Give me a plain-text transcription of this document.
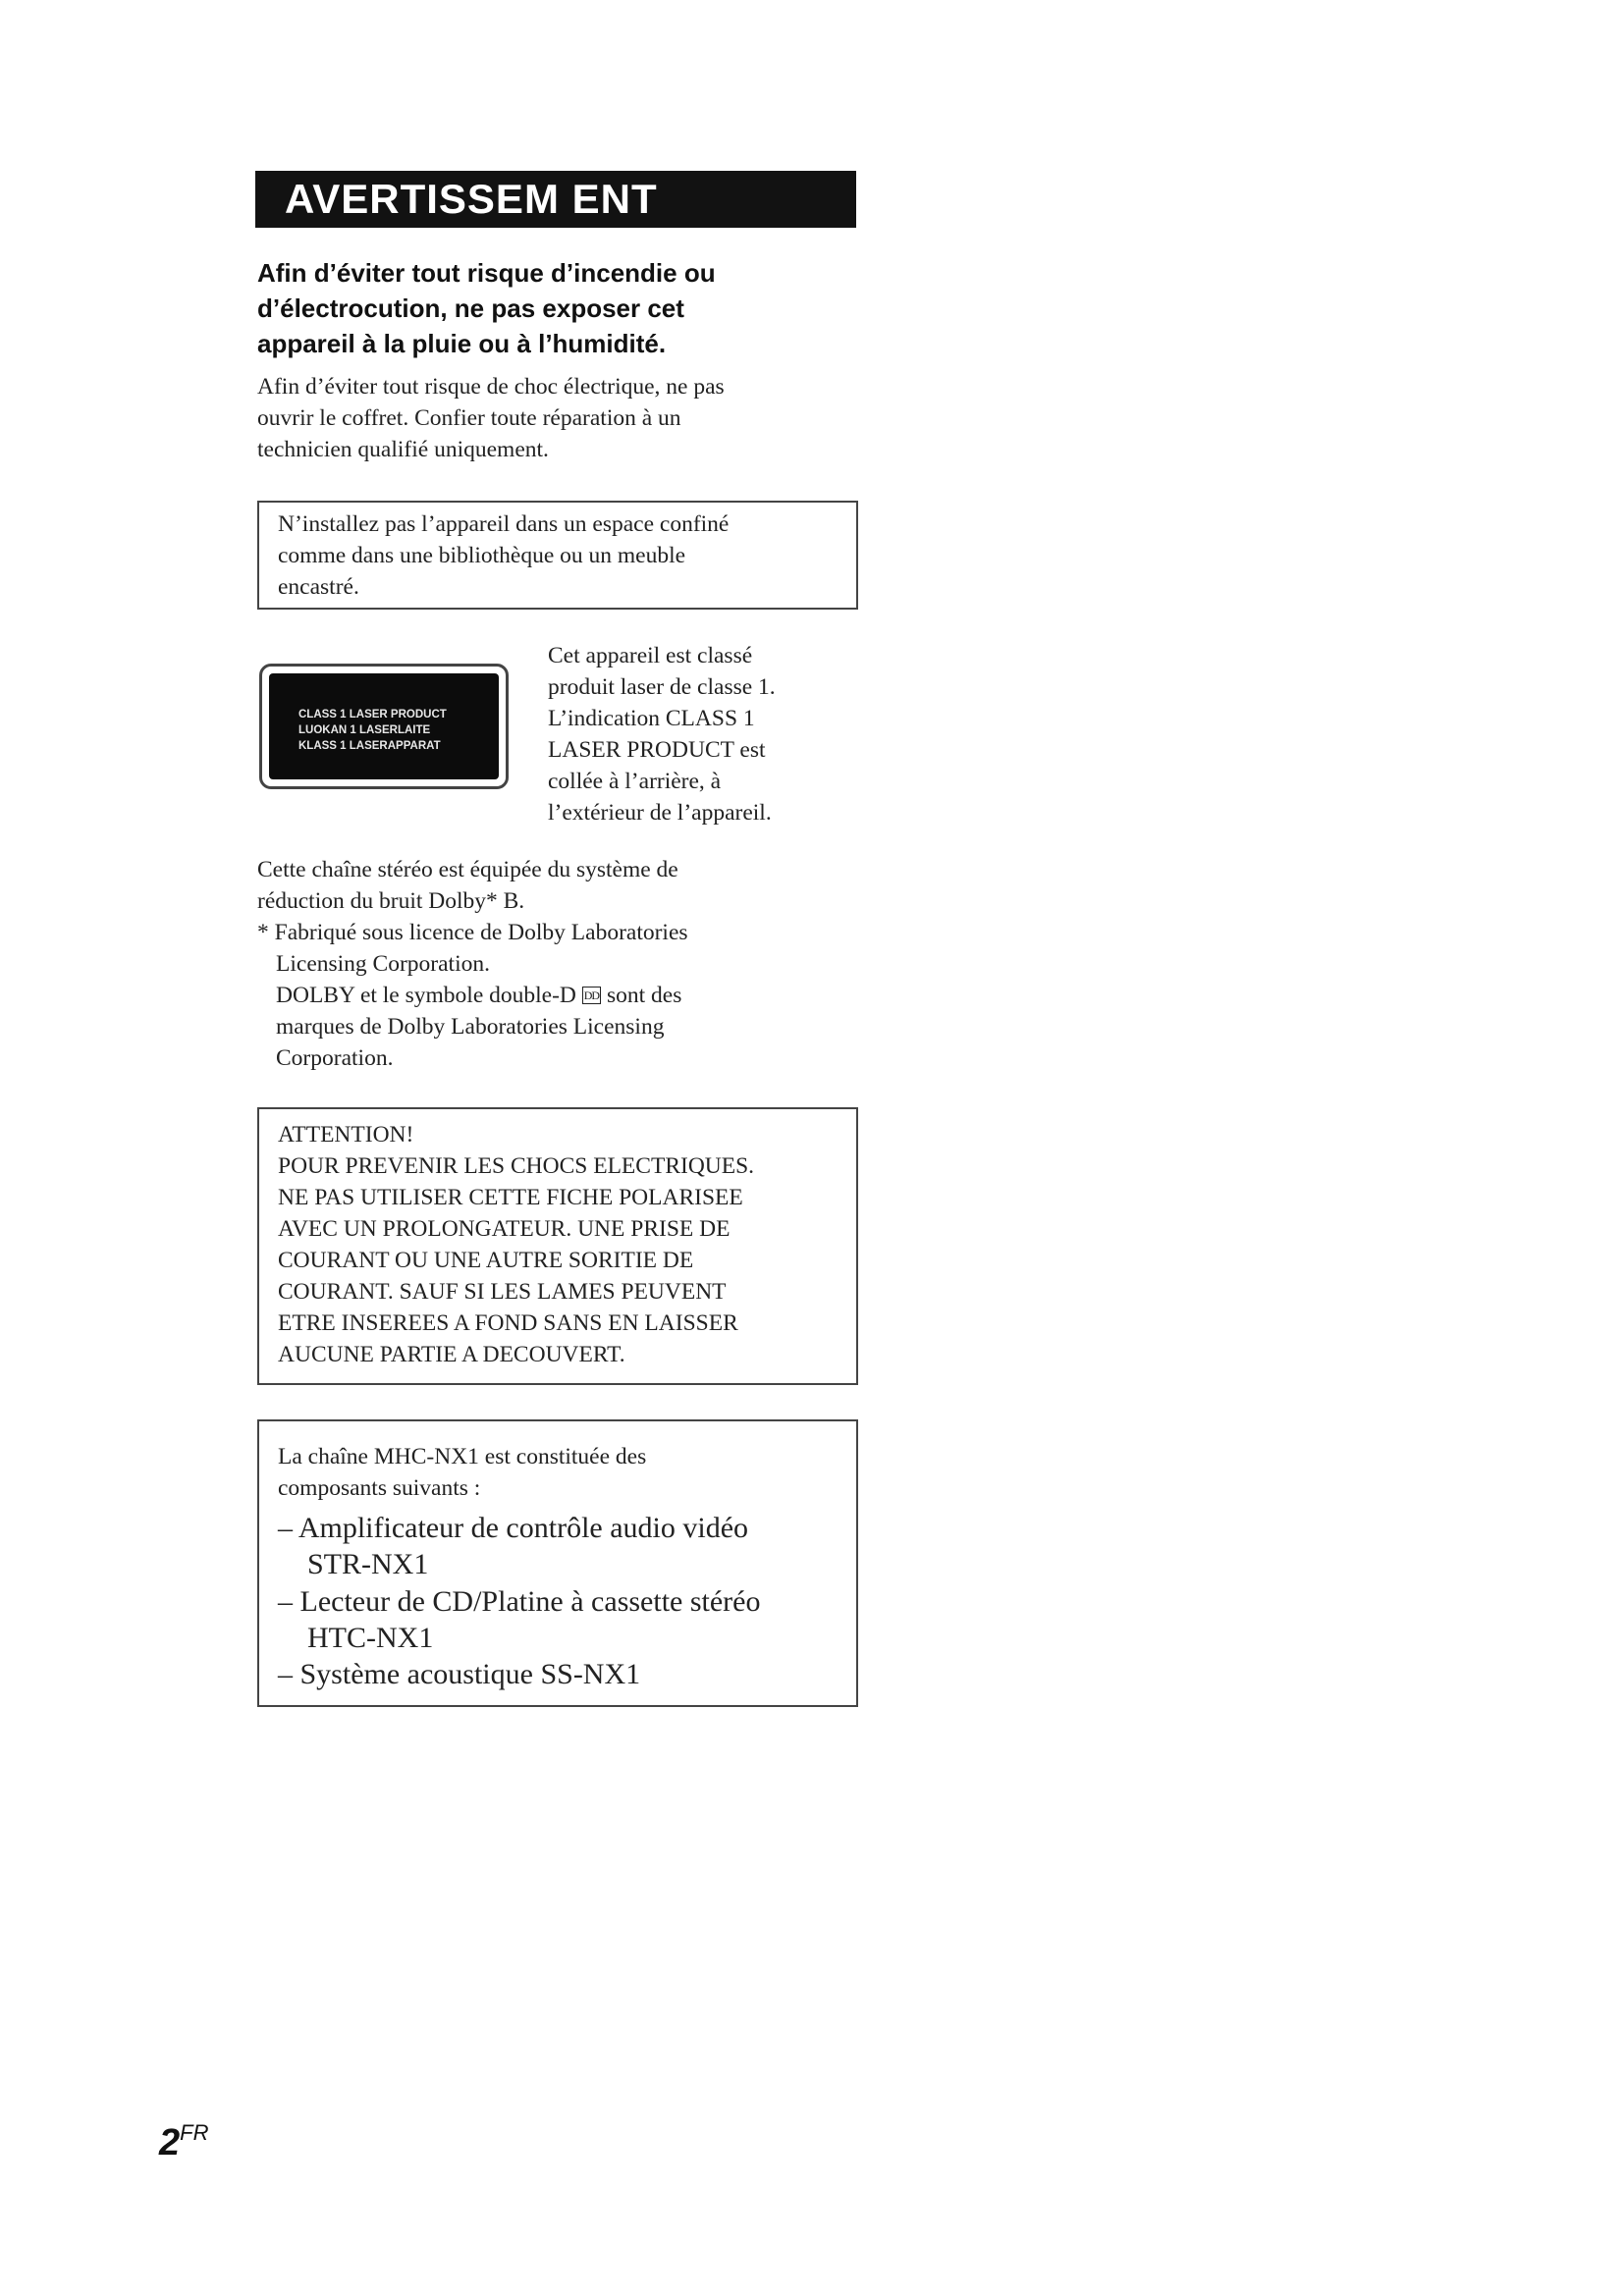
AVERTISSEM ENT
Afin d’éviter tout risque d’incendie ou
d’électrocution, ne pas exposer cet
appareil à la pluie ou à l’humidité.
Afin d’éviter tout risque de choc électrique, ne pas
ouvrir le coffret. Confier toute réparation à un
technicien qualifié uniquement.
N’installez pas l’appareil dans un espace confiné
comme dans une bibliothèque ou un meuble
encastré.
CLASS 1 LASER PRODUCT
LUOKAN 1 LASERLAITE
KLASS 1 LASERAPPARAT
Cet appareil est classé
produit laser de classe 1.
L’indication CLASS 1
LASER PRODUCT est
collée à l’arrière, à
l’extérieur de l’appareil.
Cette chaîne stéréo est équipée du système de
réduction du bruit Dolby* B.
* Fabriqué sous licence de Dolby Laboratories
Licensing Corporation.
DOLBY et le symbole double-D DD sont des
marques de Dolby Laboratories Licensing
Corporation.
ATTENTION!
POUR PREVENIR LES CHOCS ELECTRIQUES.
NE PAS UTILISER CETTE FICHE POLARISEE
AVEC UN PROLONGATEUR. UNE PRISE DE
COURANT OU UNE AUTRE SORITIE DE
COURANT. SAUF SI LES LAMES PEUVENT
ETRE INSEREES A FOND SANS EN LAISSER
AUCUNE PARTIE A DECOUVERT.
La chaîne MHC-NX1 est constituée des
composants suivants :
– Amplificateur de contrôle audio vidéo
STR-NX1
– Lecteur de CD/Platine à cassette stéréo
HTC-NX1
– Système acoustique SS-NX1
$2^{FR}$
